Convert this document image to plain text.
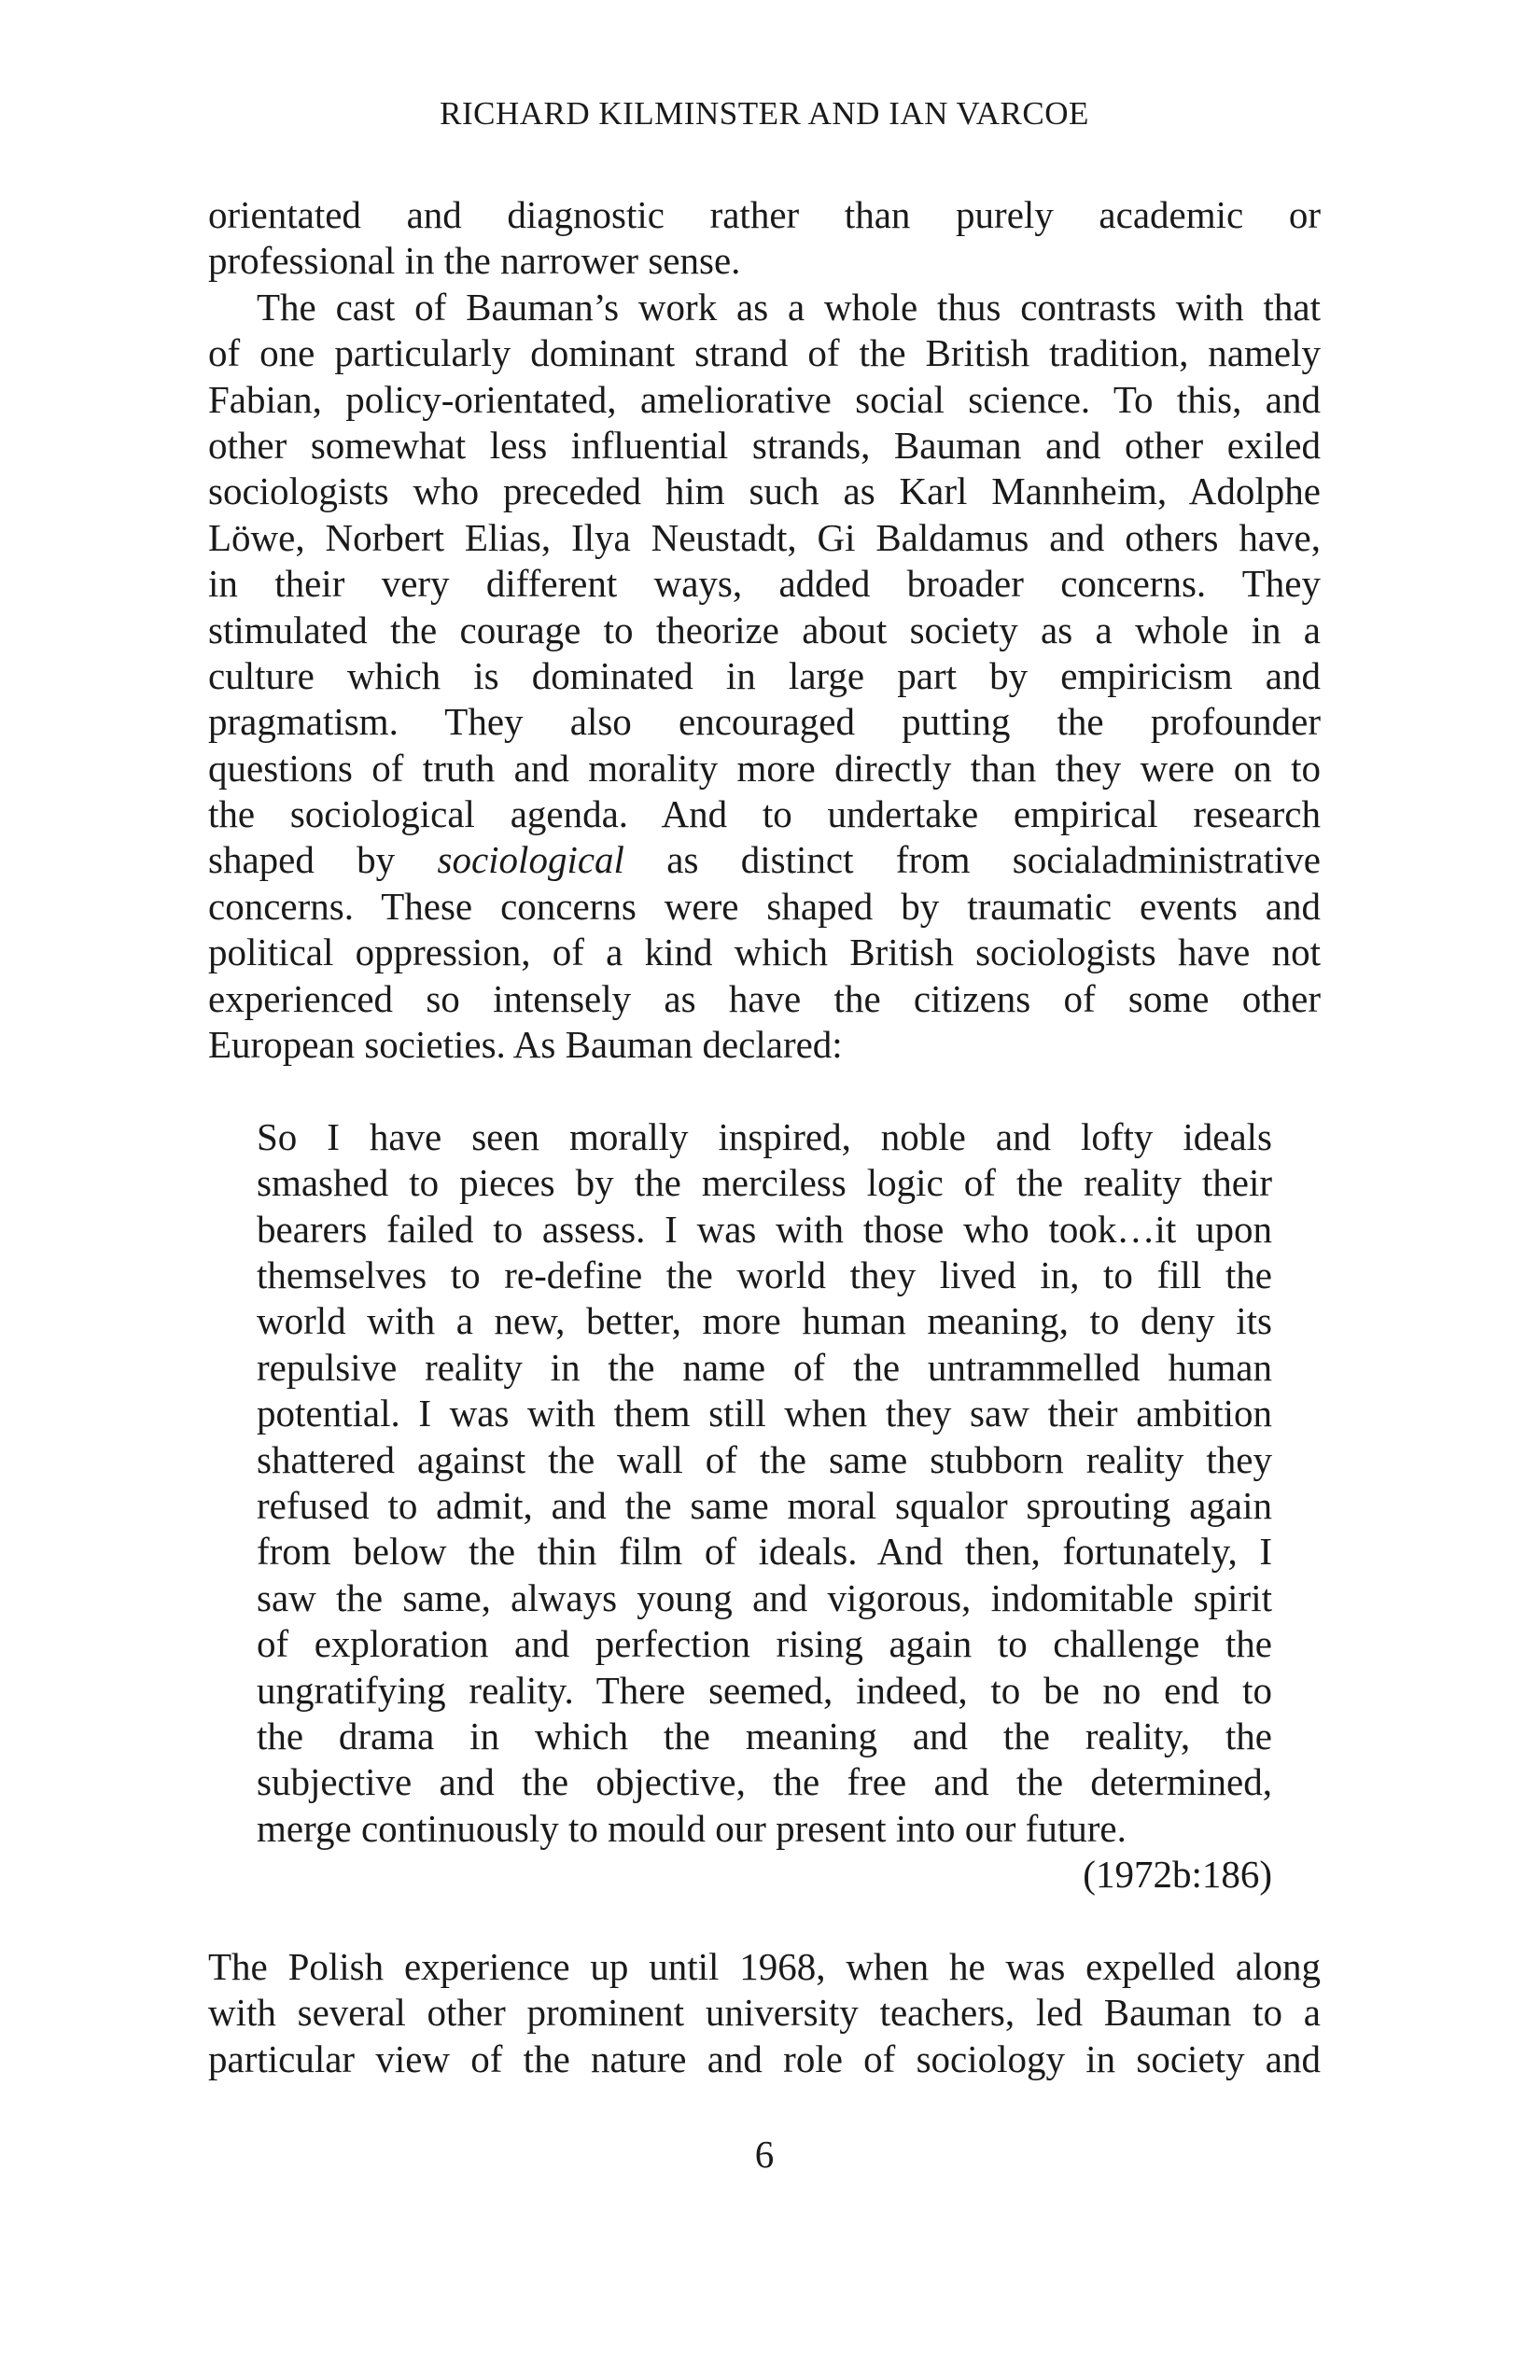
RICHARD KILMINSTER AND IAN VARCOE
orientated and diagnostic rather than purely academic or
professional in the narrower sense.
The cast of Bauman’s work as a whole thus contrasts with that
of one particularly dominant strand of the British tradition, namely
Fabian, policy-orientated, ameliorative social science. To this, and
other somewhat less influential strands, Bauman and other exiled
sociologists who preceded him such as Karl Mannheim, Adolphe
Löwe, Norbert Elias, Ilya Neustadt, Gi Baldamus and others have,
in their very different ways, added broader concerns. They
stimulated the courage to theorize about society as a whole in a
culture which is dominated in large part by empiricism and
pragmatism. They also encouraged putting the profounder
questions of truth and morality more directly than they were on to
the sociological agenda. And to undertake empirical research
shaped by sociological as distinct from socialadministrative
concerns. These concerns were shaped by traumatic events and
political oppression, of a kind which British sociologists have not
experienced so intensely as have the citizens of some other
European societies. As Bauman declared:
So I have seen morally inspired, noble and lofty ideals
smashed to pieces by the merciless logic of the reality their
bearers failed to assess. I was with those who took…it upon
themselves to re-define the world they lived in, to fill the
world with a new, better, more human meaning, to deny its
repulsive reality in the name of the untrammelled human
potential. I was with them still when they saw their ambition
shattered against the wall of the same stubborn reality they
refused to admit, and the same moral squalor sprouting again
from below the thin film of ideals. And then, fortunately, I
saw the same, always young and vigorous, indomitable spirit
of exploration and perfection rising again to challenge the
ungratifying reality. There seemed, indeed, to be no end to
the drama in which the meaning and the reality, the
subjective and the objective, the free and the determined,
merge continuously to mould our present into our future.
(1972b:186)
The Polish experience up until 1968, when he was expelled along
with several other prominent university teachers, led Bauman to a
particular view of the nature and role of sociology in society and
6
